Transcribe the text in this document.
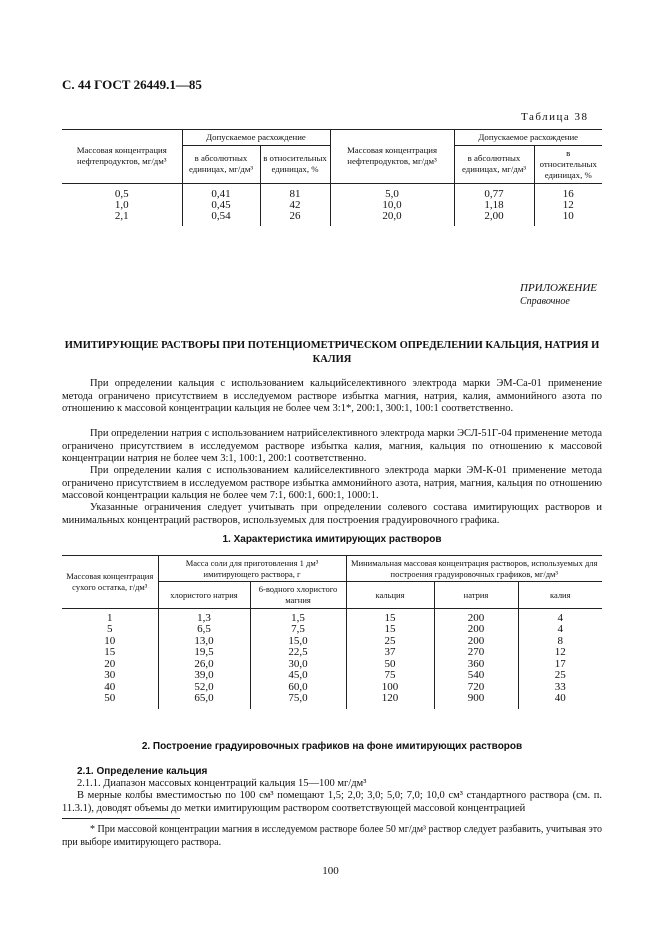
С. 44 ГОСТ 26449.1—85
Таблица 38
Массовая концентрация нефтепродуктов, мг/дм³	Допускаемое расхождение		Массовая концентрация нефтепродуктов, мг/дм³	Допускаемое расхождение	
	в абсолютных единицах, мг/дм³	в относительных единицах, %		в абсолютных единицах, мг/дм³	в относительных единицах, %
0,5	0,41	81	5,0	0,77	16
1,0	0,45	42	10,0	1,18	12
2,1	0,54	26	20,0	2,00	10
ПРИЛОЖЕНИЕ
Справочное
ИМИТИРУЮЩИЕ РАСТВОРЫ ПРИ ПОТЕНЦИОМЕТРИЧЕСКОМ ОПРЕДЕЛЕНИИ КАЛЬЦИЯ, НАТРИЯ И КАЛИЯ

При определении кальция с использованием кальцийселективного электрода марки ЭМ-Са-01 применение метода ограничено присутствием в исследуемом растворе избытка магния, натрия, калия, аммонийного азота по отношению к массовой концентрации кальция не более чем 3:1*, 200:1, 300:1, 100:1 соответственно.

При определении натрия с использованием натрийселективного электрода марки ЭСЛ-51Г-04 применение метода ограничено присутствием в исследуемом растворе избытка калия, магния, кальция по отношению к массовой концентрации натрия не более чем 3:1, 100:1, 200:1 соответственно.

При определении калия с использованием калийселективного электрода марки ЭМ-К-01 применение метода ограничено присутствием в исследуемом растворе избытка аммонийного азота, натрия, магния, кальция по отношению массовой концентрации кальция не более чем 7:1, 600:1, 600:1, 1000:1.

Указанные ограничения следует учитывать при определении солевого состава имитирующих растворов и минимальных концентраций растворов, используемых для построения градуировочного графика.

1. Характеристика имитирующих растворов
Массовая концентрация сухого остатка, г/дм³	Масса соли для приготовления 1 дм³ имитирующего раствора, г		Минимальная массовая концентрация растворов, используемых для построения градуировочных графиков, мг/дм³		
	хлористого натрия	6-водного хлористого магния	кальция	натрия	калия
1	1,3	1,5	15	200	4
5	6,5	7,5	15	200	4
10	13,0	15,0	25	200	8
15	19,5	22,5	37	270	12
20	26,0	30,0	50	360	17
30	39,0	45,0	75	540	25
40	52,0	60,0	100	720	33
50	65,0	75,0	120	900	40
2. Построение градуировочных графиков на фоне имитирующих растворов
2.1. Определение кальция
2.1.1. Диапазон массовых концентраций кальция 15—100 мг/дм³

В мерные колбы вместимостью по 100 см³ помещают 1,5; 2,0; 3,0; 5,0; 7,0; 10,0 см³ стандартного раствора (см. п. 11.3.1), доводят объемы до метки имитирующим раствором соответствующей массовой концентрацией

* При массовой концентрации магния в исследуемом растворе более 50 мг/дм³ раствор следует разбавить, учитывая это при выборе имитирующего раствора.

100
